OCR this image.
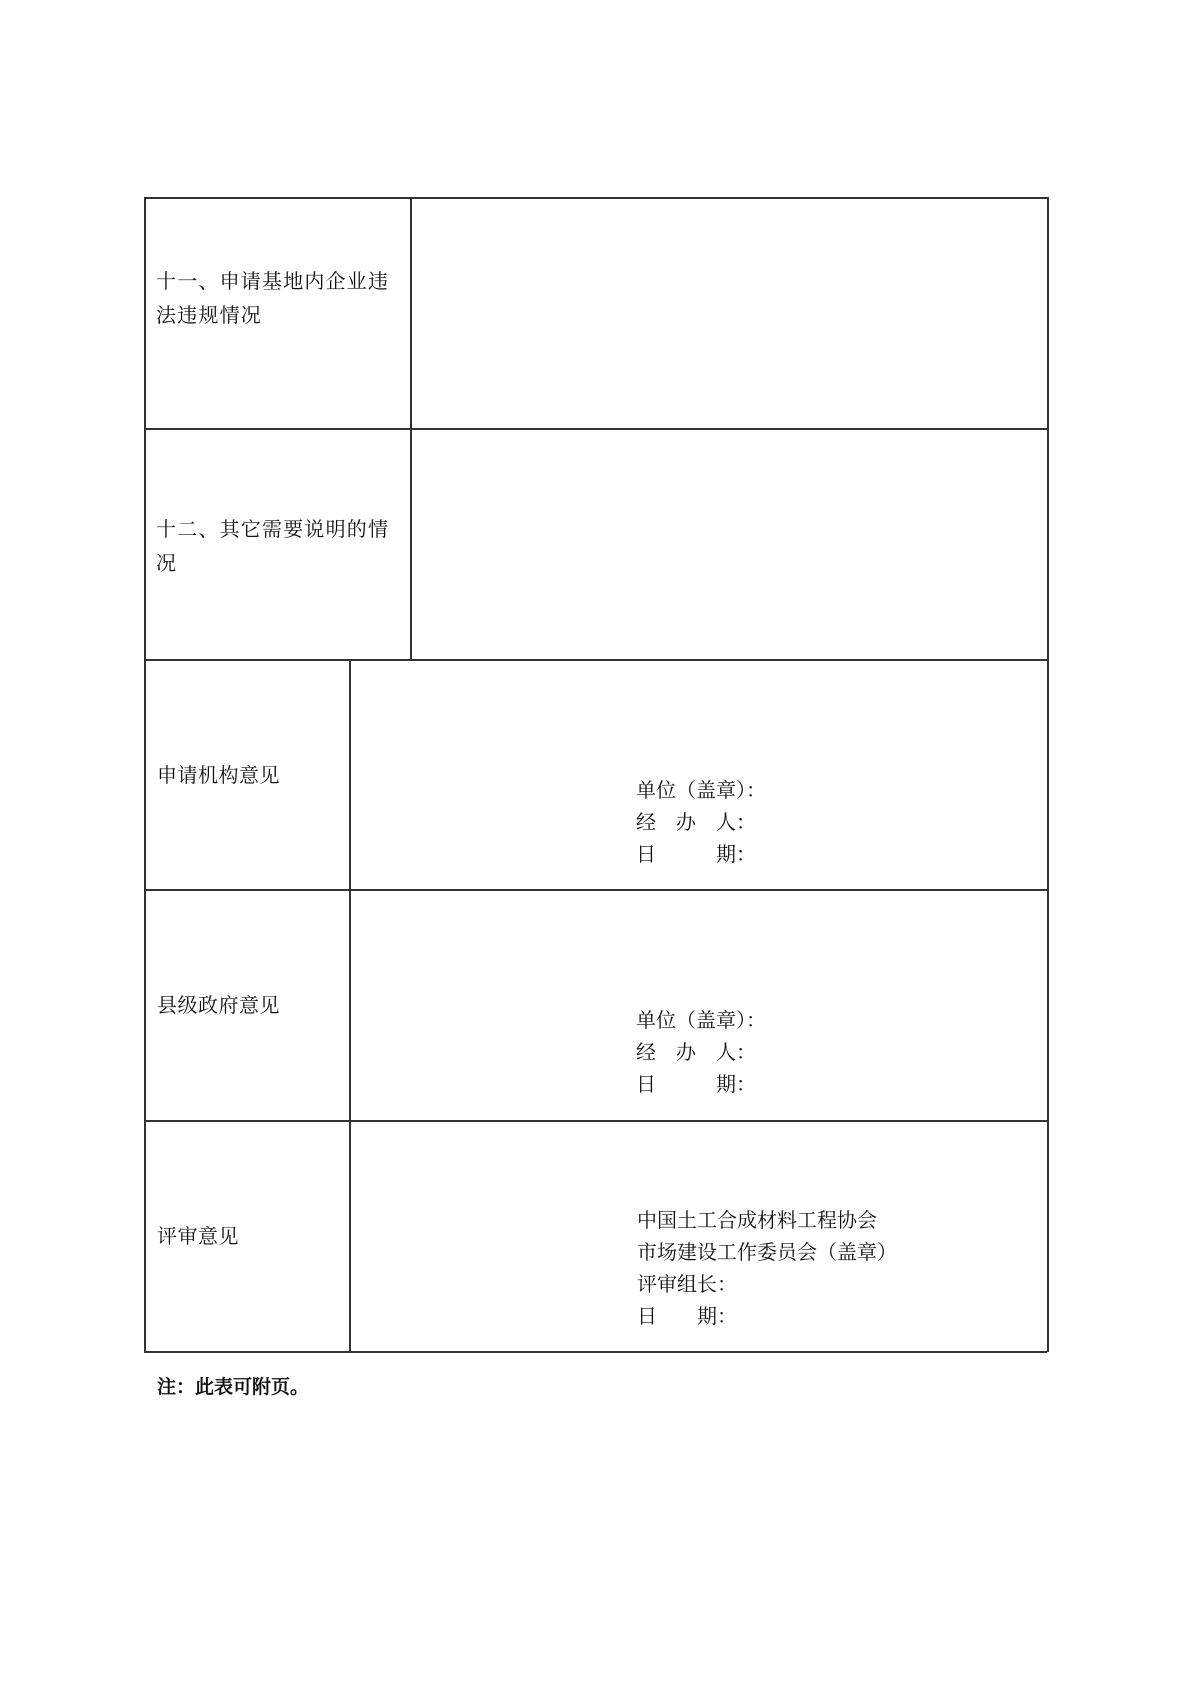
十一、申请基地内企业违法违规情况
十二、其它需要说明的情况
申请机构意见
单位（盖章）：
经　办　人：
日　　　期：
县级政府意见
单位（盖章）：
经　办　人：
日　　　期：
评审意见
中国土工合成材料工程协会
市场建设工作委员会（盖章）
评审组长：
日　　期：
注：此表可附页。
